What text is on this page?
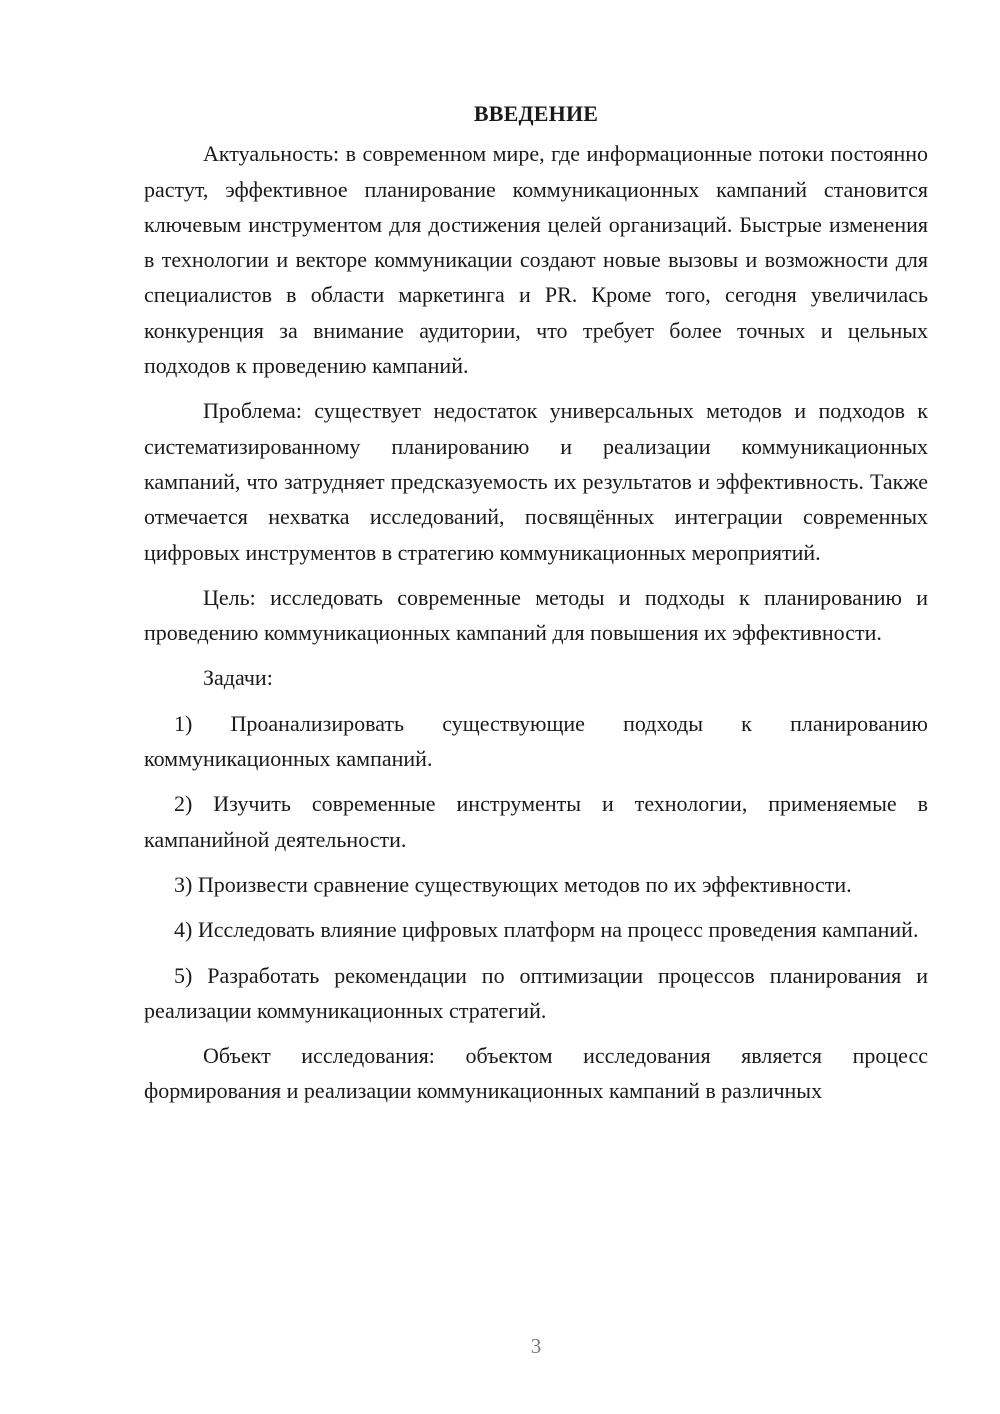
ВВЕДЕНИЕ

Актуальность: в современном мире, где информационные потоки постоянно растут, эффективное планирование коммуникационных кампаний становится ключевым инструментом для достижения целей организаций. Быстрые изменения в технологии и векторе коммуникации создают новые вызовы и возможности для специалистов в области маркетинга и PR. Кроме того, сегодня увеличилась конкуренция за внимание аудитории, что требует более точных и цельных подходов к проведению кампаний.

Проблема: существует недостаток универсальных методов и подходов к систематизированному планированию и реализации коммуникационных кампаний, что затрудняет предсказуемость их результатов и эффективность. Также отмечается нехватка исследований, посвящённых интеграции современных цифровых инструментов в стратегию коммуникационных мероприятий.

Цель: исследовать современные методы и подходы к планированию и проведению коммуникационных кампаний для повышения их эффективности.

Задачи:

1) Проанализировать существующие подходы к планированию коммуникационных кампаний.

2) Изучить современные инструменты и технологии, применяемые в кампанийной деятельности.

3) Произвести сравнение существующих методов по их эффективности.

4) Исследовать влияние цифровых платформ на процесс проведения кампаний.

5) Разработать рекомендации по оптимизации процессов планирования и реализации коммуникационных стратегий.

Объект исследования: объектом исследования является процесс формирования и реализации коммуникационных кампаний в различных

3
